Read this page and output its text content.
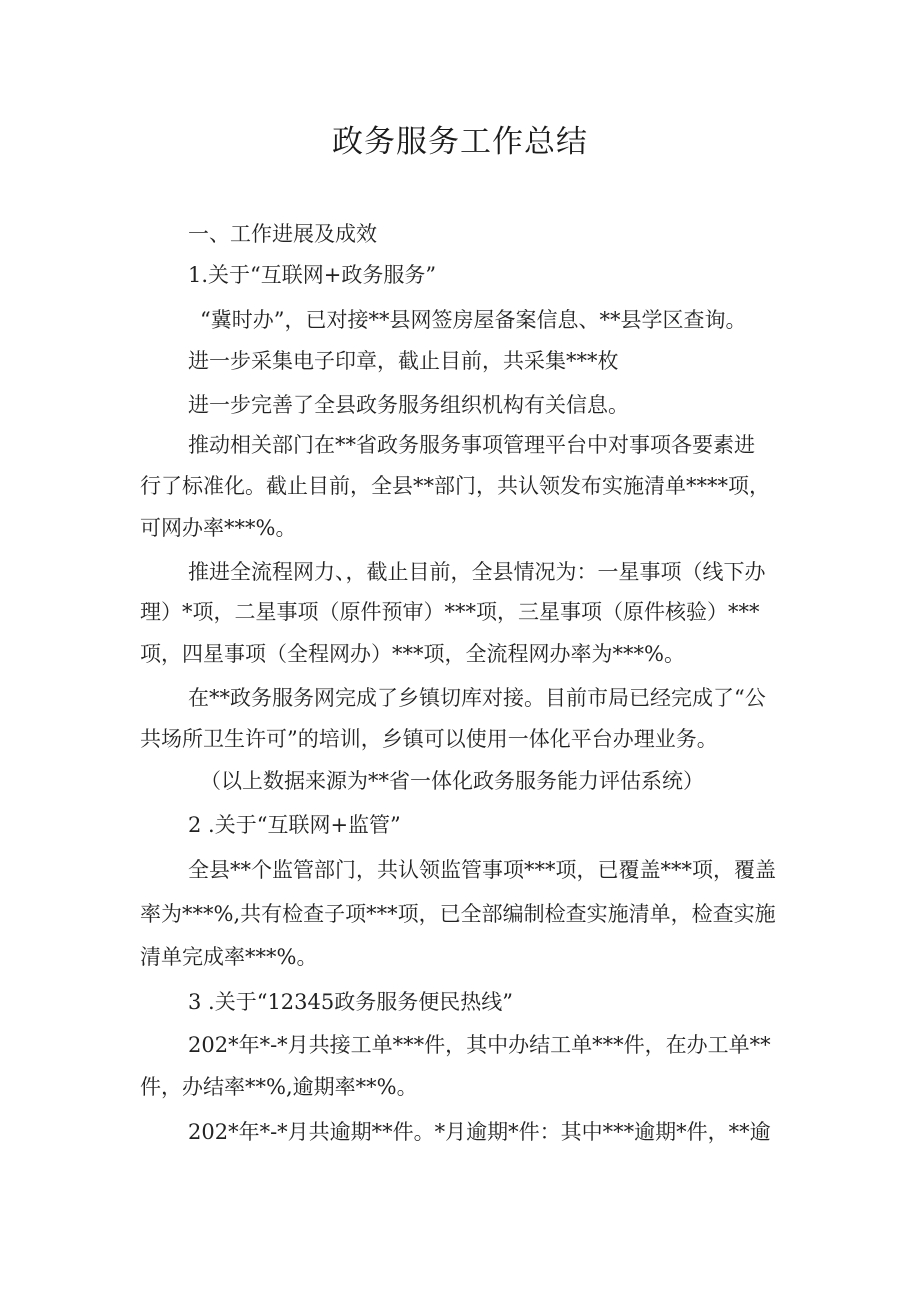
政务服务工作总结
一、工作进展及成效
1.关于“互联网+政务服务”
“冀时办”，已对接**县网签房屋备案信息、**县学区查询。
进一步采集电子印章，截止目前，共采集***枚
进一步完善了全县政务服务组织机构有关信息。
推动相关部门在**省政务服务事项管理平台中对事项各要素进
行了标准化。截止目前，全县**部门，共认领发布实施清单****项，
可网办率***%。
推进全流程网力、，截止目前，全县情况为：一星事项（线下办
理）*项，二星事项（原件预审）***项，三星事项（原件核验）***
项，四星事项（全程网办）***项，全流程网办率为***%。
在**政务服务网完成了乡镇切库对接。目前市局已经完成了“公
共场所卫生许可”的培训，乡镇可以使用一体化平台办理业务。
（以上数据来源为**省一体化政务服务能力评估系统）
2 .关于“互联网+监管”
全县**个监管部门，共认领监管事项***项，已覆盖***项，覆盖
率为***%,共有检查子项***项，已全部编制检查实施清单，检查实施
清单完成率***%。
3 .关于“12345政务服务便民热线”
202*年*-*月共接工单***件，其中办结工单***件，在办工单**
件，办结率**%,逾期率**%。
202*年*-*月共逾期**件。*月逾期*件：其中***逾期*件，**逾
